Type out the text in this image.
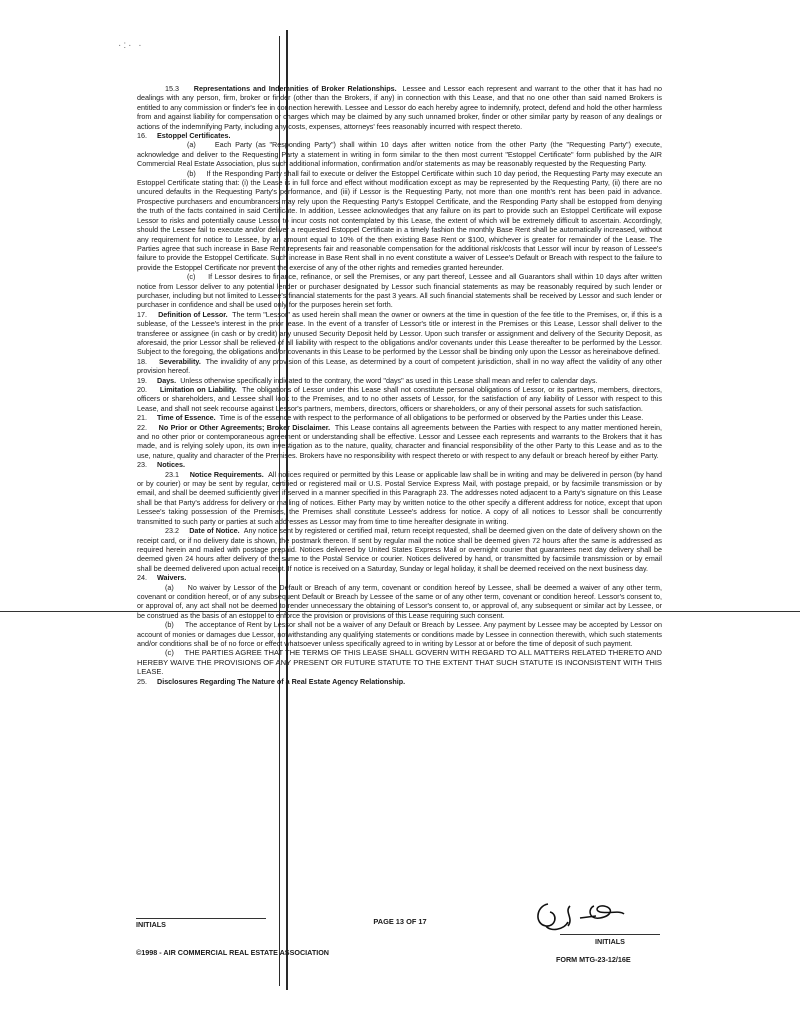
·:· ·

15.3 Representations and Indemnities of Broker Relationships. Lessee and Lessor each represent and warrant to the other that it has had no dealings with any person, firm, broker or finder (other than the Brokers, if any) in connection with this Lease, and that no one other than said named Brokers is entitled to any commission or finder's fee in connection herewith. Lessee and Lessor do each hereby agree to indemnify, protect, defend and hold the other harmless from and against liability for compensation or charges which may be claimed by any such unnamed broker, finder or other similar party by reason of any dealings or actions of the indemnifying Party, including any costs, expenses, attorneys' fees reasonably incurred with respect thereto.

16. Estoppel Certificates.

(a)	Each Party (as "Responding Party") shall within 10 days after written notice from the other Party (the "Requesting Party") execute, acknowledge and deliver to the Requesting Party a statement in writing in form similar to the then most current "Estoppel Certificate" form published by the AIR Commercial Real Estate Association, plus such additional information, confirmation and/or statements as may be reasonably requested by the Requesting Party.

(b) If the Responding Party shall fail to execute or deliver the Estoppel Certificate within such 10 day period, the Requesting Party may execute an Estoppel Certificate stating that: (i) the Lease is in full force and effect without modification except as may be represented by the Requesting Party, (ii) there are no uncured defaults in the Requesting Party's performance, and (iii) if Lessor is the Requesting Party, not more than one month's rent has been paid in advance. Prospective purchasers and encumbrancers may rely upon the Requesting Party's Estoppel Certificate, and the Responding Party shall be estopped from denying the truth of the facts contained in said Certificate. In addition, Lessee acknowledges that any failure on its part to provide such an Estoppel Certificate will expose Lessor to risks and potentially cause Lessor to incur costs not contemplated by this Lease, the extent of which will be extremely difficult to ascertain. Accordingly, should the Lessee fail to execute and/or deliver a requested Estoppel Certificate in a timely fashion the monthly Base Rent shall be automatically increased, without any requirement for notice to Lessee, by an amount equal to 10% of the then existing Base Rent or $100, whichever is greater for remainder of the Lease. The Parties agree that such increase in Base Rent represents fair and reasonable compensation for the additional risk/costs that Lessor will incur by reason of Lessee's failure to provide the Estoppel Certificate. Such increase in Base Rent shall in no event constitute a waiver of Lessee's Default or Breach with respect to the failure to provide the Estoppel Certificate nor prevent the exercise of any of the other rights and remedies granted hereunder.

(c) If Lessor desires to finance, refinance, or sell the Premises, or any part thereof, Lessee and all Guarantors shall within 10 days after written notice from Lessor deliver to any potential lender or purchaser designated by Lessor such financial statements as may be reasonably required by such lender or purchaser, including but not limited to Lessee's financial statements for the past 3 years. All such financial statements shall be received by Lessor and such lender or purchaser in confidence and shall be used only for the purposes herein set forth.

17. Definition of Lessor. The term "Lessor" as used herein shall mean the owner or owners at the time in question of the fee title to the Premises, or, if this is a sublease, of the Lessee's interest in the prior lease. In the event of a transfer of Lessor's title or interest in the Premises or this Lease, Lessor shall deliver to the transferee or assignee (in cash or by credit) any unused Security Deposit held by Lessor. Upon such transfer or assignment and delivery of the Security Deposit, as aforesaid, the prior Lessor shall be relieved of all liability with respect to the obligations and/or covenants under this Lease thereafter to be performed by the Lessor. Subject to the foregoing, the obligations and/or covenants in this Lease to be performed by the Lessor shall be binding only upon the Lessor as hereinabove defined.

18. Severability. The invalidity of any provision of this Lease, as determined by a court of competent jurisdiction, shall in no way affect the validity of any other provision hereof.

19. Days. Unless otherwise specifically indicated to the contrary, the word "days" as used in this Lease shall mean and refer to calendar days.

20. Limitation on Liability. The obligations of Lessor under this Lease shall not constitute personal obligations of Lessor, or its partners, members, directors, officers or shareholders, and Lessee shall look to the Premises, and to no other assets of Lessor, for the satisfaction of any liability of Lessor with respect to this Lease, and shall not seek recourse against Lessor's partners, members, directors, officers or shareholders, or any of their personal assets for such satisfaction.

21. Time of Essence. Time is of the essence with respect to the performance of all obligations to be performed or observed by the Parties under this Lease.

22. No Prior or Other Agreements; Broker Disclaimer. This Lease contains all agreements between the Parties with respect to any matter mentioned herein, and no other prior or contemporaneous agreement or understanding shall be effective. Lessor and Lessee each represents and warrants to the Brokers that it has made, and is relying solely upon, its own investigation as to the nature, quality, character and financial responsibility of the other Party to this Lease and as to the use, nature, quality and character of the Premises. Brokers have no responsibility with respect thereto or with respect to any default or breach hereof by either Party.

23. Notices.

23.1 Notice Requirements. All notices required or permitted by this Lease or applicable law shall be in writing and may be delivered in person (by hand or by courier) or may be sent by regular, certified or registered mail or U.S. Postal Service Express Mail, with postage prepaid, or by facsimile transmission or by email, and shall be deemed sufficiently given if served in a manner specified in this Paragraph 23. The addresses noted adjacent to a Party's signature on this Lease shall be that Party's address for delivery or mailing of notices. Either Party may by written notice to the other specify a different address for notice, except that upon Lessee's taking possession of the Premises, the Premises shall constitute Lessee's address for notice. A copy of all notices to Lessor shall be concurrently transmitted to such party or parties at such addresses as Lessor may from time to time hereafter designate in writing.

23.2 Date of Notice. Any notice sent by registered or certified mail, return receipt requested, shall be deemed given on the date of delivery shown on the receipt card, or if no delivery date is shown, the postmark thereon. If sent by regular mail the notice shall be deemed given 72 hours after the same is addressed as required herein and mailed with postage prepaid. Notices delivered by United States Express Mail or overnight courier that guarantees next day delivery shall be deemed given 24 hours after delivery of the same to the Postal Service or courier. Notices delivered by hand, or transmitted by facsimile transmission or by email shall be deemed delivered upon actual receipt. If notice is received on a Saturday, Sunday or legal holiday, it shall be deemed received on the next business day.

24. Waivers.

(a) No waiver by Lessor of the Default or Breach of any term, covenant or condition hereof by Lessee, shall be deemed a waiver of any other term, covenant or condition hereof, or of any subsequent Default or Breach by Lessee of the same or of any other term, covenant or condition hereof. Lessor's consent to, or approval of, any act shall not be deemed to render unnecessary the obtaining of Lessor's consent to, or approval of, any subsequent or similar act by Lessee, or be construed as the basis of an estoppel to enforce the provision or provisions of this Lease requiring such consent.

(b) The acceptance of Rent by Lessor shall not be a waiver of any Default or Breach by Lessee. Any payment by Lessee may be accepted by Lessor on account of monies or damages due Lessor, notwithstanding any qualifying statements or conditions made by Lessee in connection therewith, which such statements and/or conditions shall be of no force or effect whatsoever unless specifically agreed to in writing by Lessor at or before the time of deposit of such payment.

(c) THE PARTIES AGREE THAT THE TERMS OF THIS LEASE SHALL GOVERN WITH REGARD TO ALL MATTERS RELATED THERETO AND HEREBY WAIVE THE PROVISIONS OF ANY PRESENT OR FUTURE STATUTE TO THE EXTENT THAT SUCH STATUTE IS INCONSISTENT WITH THIS LEASE.

25. Disclosures Regarding The Nature of a Real Estate Agency Relationship.

PAGE 13 OF 17
INITIALS
INITIALS
©1998 - AIR COMMERCIAL REAL ESTATE ASSOCIATION
FORM MTG-23-12/16E
